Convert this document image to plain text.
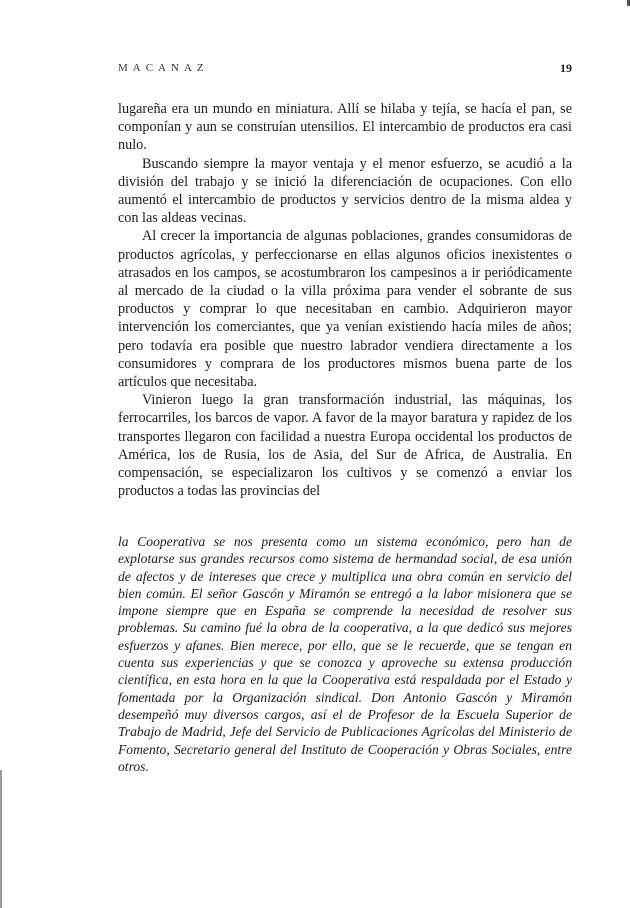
MACANAZ	19

lugareña era un mundo en miniatura. Allí se hilaba y tejía, se hacía el pan, se componían y aun se construían utensilios. El intercambio de productos era casi nulo.

Buscando siempre la mayor ventaja y el menor esfuerzo, se acudió a la división del trabajo y se inició la diferenciación de ocupaciones. Con ello aumentó el intercambio de productos y servicios dentro de la misma aldea y con las aldeas vecinas.

Al crecer la importancia de algunas poblaciones, grandes consumidoras de productos agrícolas, y perfeccionarse en ellas algunos oficios inexistentes o atrasados en los campos, se acostumbraron los campesinos a ir periódicamente al mercado de la ciudad o la villa próxima para vender el sobrante de sus productos y comprar lo que necesitaban en cambio. Adquirieron mayor intervención los comerciantes, que ya venían existiendo hacía miles de años; pero todavía era posible que nuestro labrador vendiera directamente a los consumidores y comprara de los productores mismos buena parte de los artículos que necesitaba.

Vinieron luego la gran transformación industrial, las máquinas, los ferrocarriles, los barcos de vapor. A favor de la mayor baratura y rapidez de los transportes llegaron con facilidad a nuestra Europa occidental los productos de América, los de Rusia, los de Asia, del Sur de Africa, de Australia. En compensación, se especializaron los cultivos y se comenzó a enviar los productos a todas las provincias del

la Cooperativa se nos presenta como un sistema económico, pero han de explotarse sus grandes recursos como sistema de hermandad social, de esa unión de afectos y de intereses que crece y multiplica una obra común en servicio del bien común. El señor Gascón y Miramón se entregó a la labor misionera que se impone siempre que en España se comprende la necesidad de resolver sus problemas. Su camino fué la obra de la cooperativa, a la que dedicó sus mejores esfuerzos y afanes. Bien merece, por ello, que se le recuerde, que se tengan en cuenta sus experiencias y que se conozca y aproveche su extensa producción científica, en esta hora en la que la Cooperativa está respaldada por el Estado y fomentada por la Organización sindical. Don Antonio Gascón y Miramón desempeñó muy diversos cargos, así el de Profesor de la Escuela Superior de Trabajo de Madrid, Jefe del Servicio de Publicaciones Agrícolas del Ministerio de Fomento, Secretario general del Instituto de Cooperación y Obras Sociales, entre otros.
